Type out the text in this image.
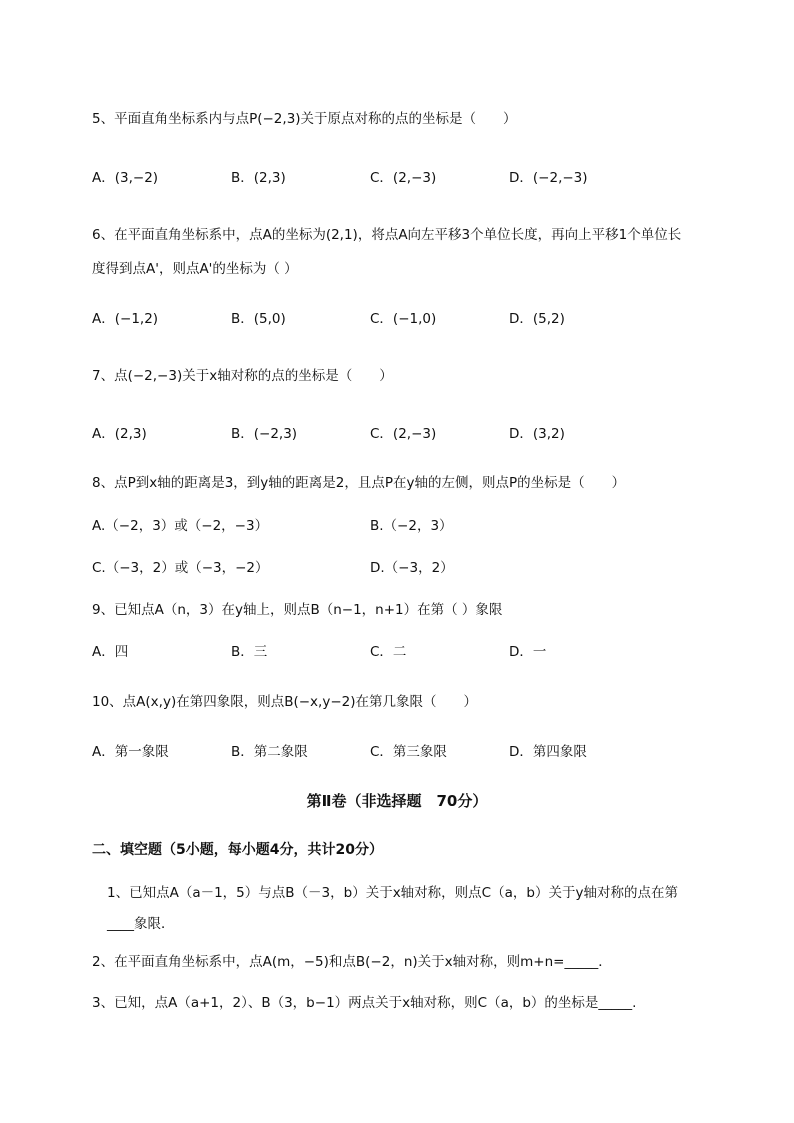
5、平面直角坐标系内与点P(−2,3)关于原点对称的点的坐标是（　　）
A．(3,−2)	B．(2,3)	C．(2,−3)	D．(−2,−3)
6、在平面直角坐标系中，点A的坐标为(2,1)，将点A向左平移3个单位长度，再向上平移1个单位长
度得到点A'，则点A'的坐标为（ ）
A．(−1,2)	B．(5,0)	C．(−1,0)	D．(5,2)
7、点(−2,−3)关于x轴对称的点的坐标是（　　）
A．(2,3)	B．(−2,3)	C．(2,−3)	D．(3,2)
8、点P到x轴的距离是3，到y轴的距离是2，且点P在y轴的左侧，则点P的坐标是（　　）
A.（−2，3）或（−2，−3）	B.（−2，3）
C.（−3，2）或（−3，−2）	D.（−3，2）
9、已知点A（n，3）在y轴上，则点B（n−1，n+1）在第（ ）象限
A．四	B．三	C．二	D．一
10、点A(x,y)在第四象限，则点B(−x,y−2)在第几象限（　　）
A．第一象限	B．第二象限	C．第三象限	D．第四象限
第Ⅱ卷（非选择题　70分）
二、填空题（5小题，每小题4分，共计20分）
1、已知点A（a－1，5）与点B（－3，b）关于x轴对称，则点C（a，b）关于y轴对称的点在第
____象限．
2、在平面直角坐标系中，点A(m，−5)和点B(−2，n)关于x轴对称，则m+n=_____．
3、已知，点A（a+1，2）、B（3，b−1）两点关于x轴对称，则C（a，b）的坐标是_____.
